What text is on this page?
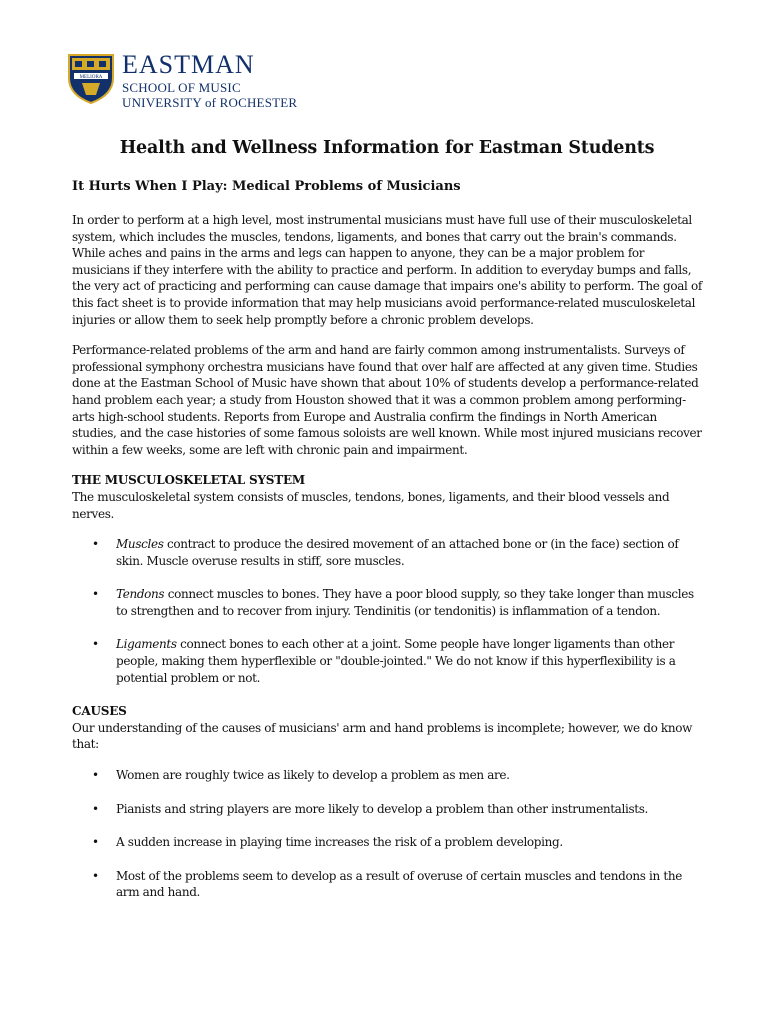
MELIORA EASTMAN
SCHOOL OF MUSIC
UNIVERSITY of ROCHESTER
Health and Wellness Information for Eastman Students
It Hurts When I Play: Medical Problems of Musicians

In order to perform at a high level, most instrumental musicians must have full use of their musculoskeletal system, which includes the muscles, tendons, ligaments, and bones that carry out the brain's commands. While aches and pains in the arms and legs can happen to anyone, they can be a major problem for musicians if they interfere with the ability to practice and perform. In addition to everyday bumps and falls, the very act of practicing and performing can cause damage that impairs one's ability to perform. The goal of this fact sheet is to provide information that may help musicians avoid performance-related musculoskeletal injuries or allow them to seek help promptly before a chronic problem develops.

Performance-related problems of the arm and hand are fairly common among instrumentalists. Surveys of professional symphony orchestra musicians have found that over half are affected at any given time. Studies done at the Eastman School of Music have shown that about 10% of students develop a performance-related hand problem each year; a study from Houston showed that it was a common problem among performing-arts high-school students. Reports from Europe and Australia confirm the findings in North American studies, and the case histories of some famous soloists are well known. While most injured musicians recover within a few weeks, some are left with chronic pain and impairment.

THE MUSCULOSKELETAL SYSTEM

The musculoskeletal system consists of muscles, tendons, bones, ligaments, and their blood vessels and nerves.

• Muscles contract to produce the desired movement of an attached bone or (in the face) section of skin. Muscle overuse results in stiff, sore muscles.
• Tendons connect muscles to bones. They have a poor blood supply, so they take longer than muscles to strengthen and to recover from injury. Tendinitis (or tendonitis) is inflammation of a tendon.
• Ligaments connect bones to each other at a joint. Some people have longer ligaments than other people, making them hyperflexible or "double-jointed." We do not know if this hyperflexibility is a potential problem or not.
CAUSES

Our understanding of the causes of musicians' arm and hand problems is incomplete; however, we do know that:

• Women are roughly twice as likely to develop a problem as men are.
• Pianists and string players are more likely to develop a problem than other instrumentalists.
• A sudden increase in playing time increases the risk of a problem developing.
• Most of the problems seem to develop as a result of overuse of certain muscles and tendons in the arm and hand.
